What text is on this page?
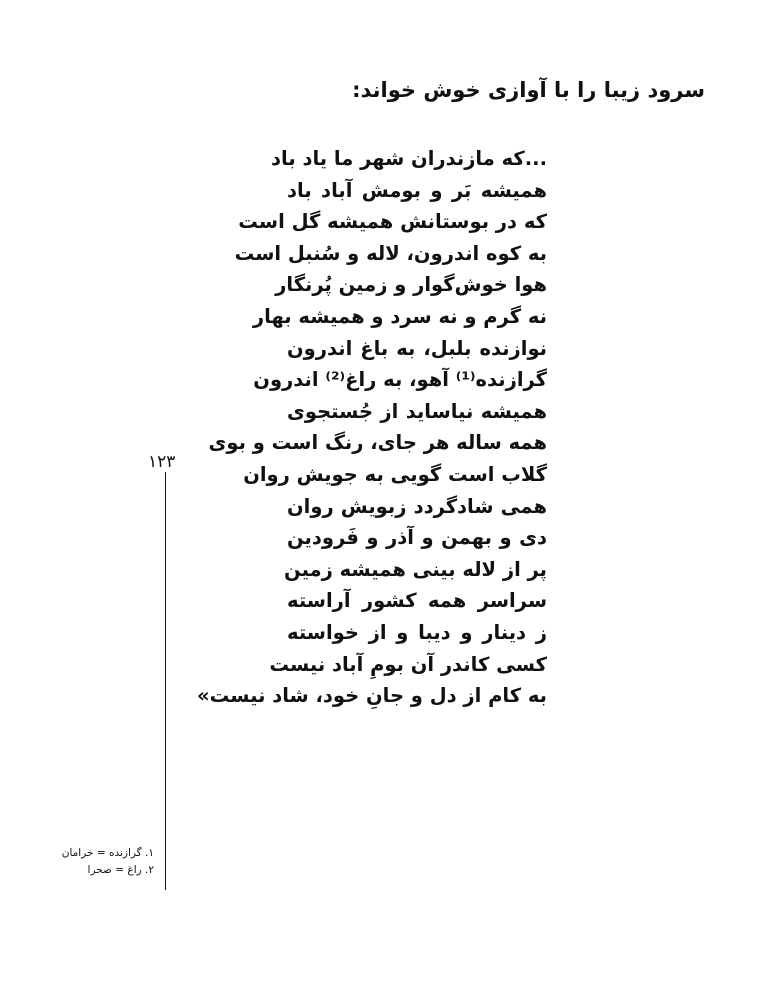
سرود زیبا را با آوازی خوش خواند:
...که مازندران شهر ما یاد باد
همیشه بَر و بومش آباد باد
که در بوستانش همیشه گل است
به کوه اندرون، لاله و سُنبل است
هوا خوش‌گوار و زمین پُرنگار
نه گرم و نه سرد و همیشه بهار
نوازنده بلبل، به باغ اندرون
گرازنده⁽¹⁾ آهو، به راغ⁽²⁾ اندرون
همیشه نیاساید از جُستجوی
همه ساله هر جای، رنگ است و بوی
گلاب است گویی به جویش روان
همی شادگردد زبویش روان
دی و بهمن و آذر و فَرودین
پر از لاله بینی همیشه زمین
سراسر همه کشور آراسته
ز دینار و دیبا و از خواسته
کسی کاندر آن بومِ آباد نیست
به کام از دل و جانِ خود، شاد نیست»
۱۲۳
۱. گرازنده = خرامان
۲. راغ = صحرا
